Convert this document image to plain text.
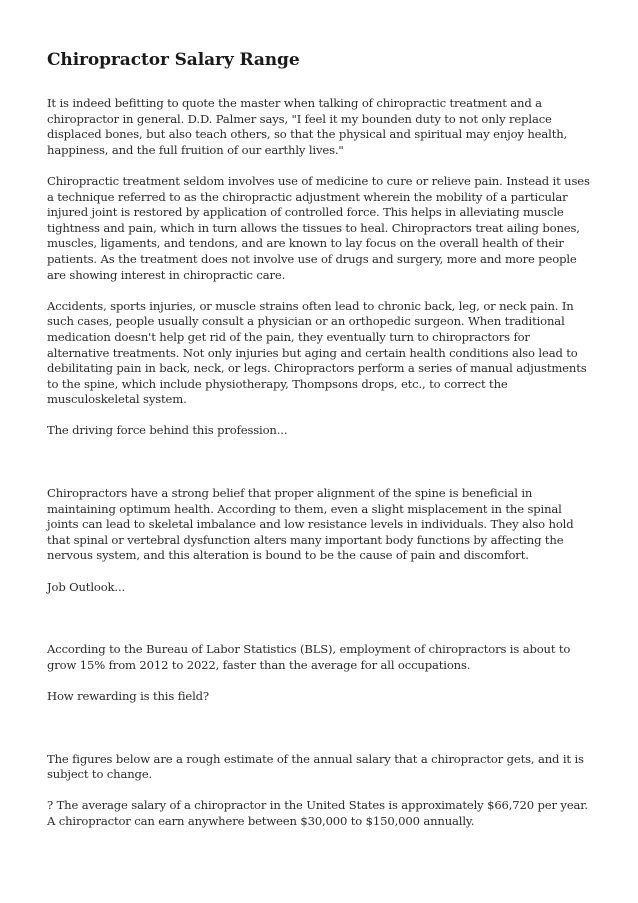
Chiropractor Salary Range

It is indeed befitting to quote the master when talking of chiropractic treatment and a chiropractor in general. D.D. Palmer says, "I feel it my bounden duty to not only replace displaced bones, but also teach others, so that the physical and spiritual may enjoy health, happiness, and the full fruition of our earthly lives."

Chiropractic treatment seldom involves use of medicine to cure or relieve pain. Instead it uses a technique referred to as the chiropractic adjustment wherein the mobility of a particular injured joint is restored by application of controlled force. This helps in alleviating muscle tightness and pain, which in turn allows the tissues to heal. Chiropractors treat ailing bones, muscles, ligaments, and tendons, and are known to lay focus on the overall health of their patients. As the treatment does not involve use of drugs and surgery, more and more people are showing interest in chiropractic care.

Accidents, sports injuries, or muscle strains often lead to chronic back, leg, or neck pain. In such cases, people usually consult a physician or an orthopedic surgeon. When traditional medication doesn't help get rid of the pain, they eventually turn to chiropractors for alternative treatments. Not only injuries but aging and certain health conditions also lead to debilitating pain in back, neck, or legs. Chiropractors perform a series of manual adjustments to the spine, which include physiotherapy, Thompsons drops, etc., to correct the musculoskeletal system.

The driving force behind this profession...

Chiropractors have a strong belief that proper alignment of the spine is beneficial in maintaining optimum health. According to them, even a slight misplacement in the spinal joints can lead to skeletal imbalance and low resistance levels in individuals. They also hold that spinal or vertebral dysfunction alters many important body functions by affecting the nervous system, and this alteration is bound to be the cause of pain and discomfort.

Job Outlook...

According to the Bureau of Labor Statistics (BLS), employment of chiropractors is about to grow 15% from 2012 to 2022, faster than the average for all occupations.

How rewarding is this field?

The figures below are a rough estimate of the annual salary that a chiropractor gets, and it is subject to change.

? The average salary of a chiropractor in the United States is approximately $66,720 per year. A chiropractor can earn anywhere between $30,000 to $150,000 annually.
